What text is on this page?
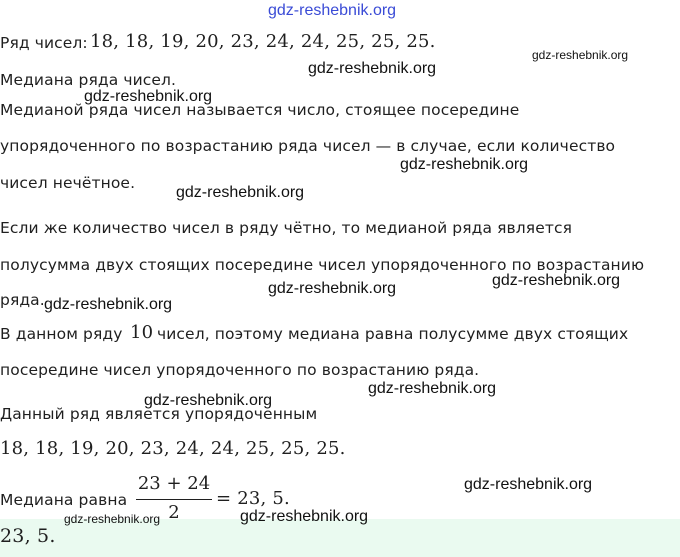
gdz-reshebnik.org
gdz-reshebnik.org
gdz-reshebnik.org
gdz-reshebnik.org
gdz-reshebnik.org
gdz-reshebnik.org
gdz-reshebnik.org
gdz-reshebnik.org
gdz-reshebnik.org
gdz-reshebnik.org
gdz-reshebnik.org
gdz-reshebnik.org
gdz-reshebnik.org	gdz-reshebnik.org
Ряд чисел: 18, 18, 19, 20, 23, 24, 24, 25, 25, 25.
Медиана ряда чисел.
Медианой ряда чисел называется число, стоящее посередине
упорядоченного по возрастанию ряда чисел — в случае, если количество
чисел нечётное.
Если же количество чисел в ряду чётно, то медианой ряда является
полусумма двух стоящих посередине чисел упорядоченного по возрастанию
ряда.
В данном ряду 10 чисел, поэтому медиана равна полусумме двух стоящих
посередине чисел упорядоченного по возрастанию ряда.
Данный ряд является упорядоченным
18, 18, 19, 20, 23, 24, 24, 25, 25, 25.
Медиана равна
23 + 24
2
= 23, 5.
23, 5.
